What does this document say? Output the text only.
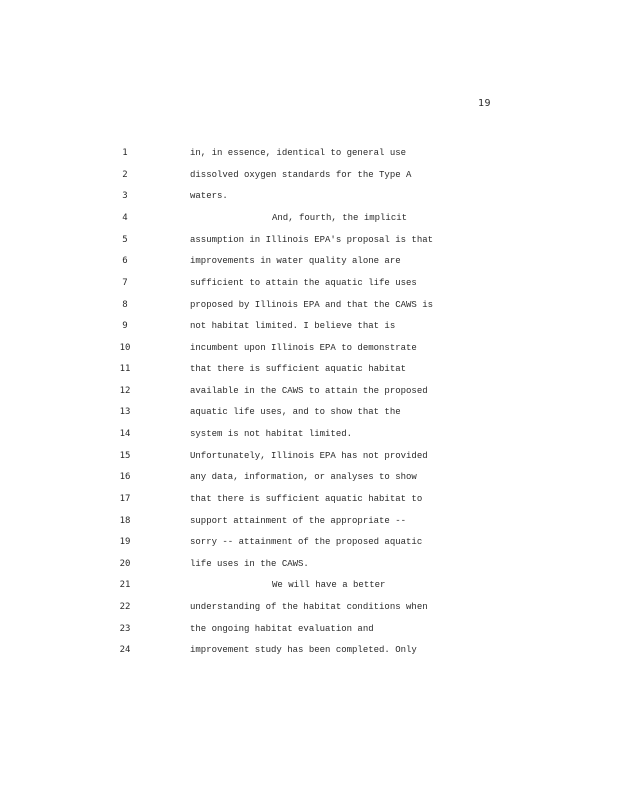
19
1	in, in essence, identical to general use
2	dissolved oxygen standards for the Type A
3	waters.
4	And, fourth, the implicit
5	assumption in Illinois EPA's proposal is that
6	improvements in water quality alone are
7	sufficient to attain the aquatic life uses
8	proposed by Illinois EPA and that the CAWS is
9	not habitat limited. I believe that is
10	incumbent upon Illinois EPA to demonstrate
11	that there is sufficient aquatic habitat
12	available in the CAWS to attain the proposed
13	aquatic life uses, and to show that the
14	system is not habitat limited.
15	Unfortunately, Illinois EPA has not provided
16	any data, information, or analyses to show
17	that there is sufficient aquatic habitat to
18	support attainment of the appropriate --
19	sorry -- attainment of the proposed aquatic
20	life uses in the CAWS.
21	We will have a better
22	understanding of the habitat conditions when
23	the ongoing habitat evaluation and
24	improvement study has been completed. Only
